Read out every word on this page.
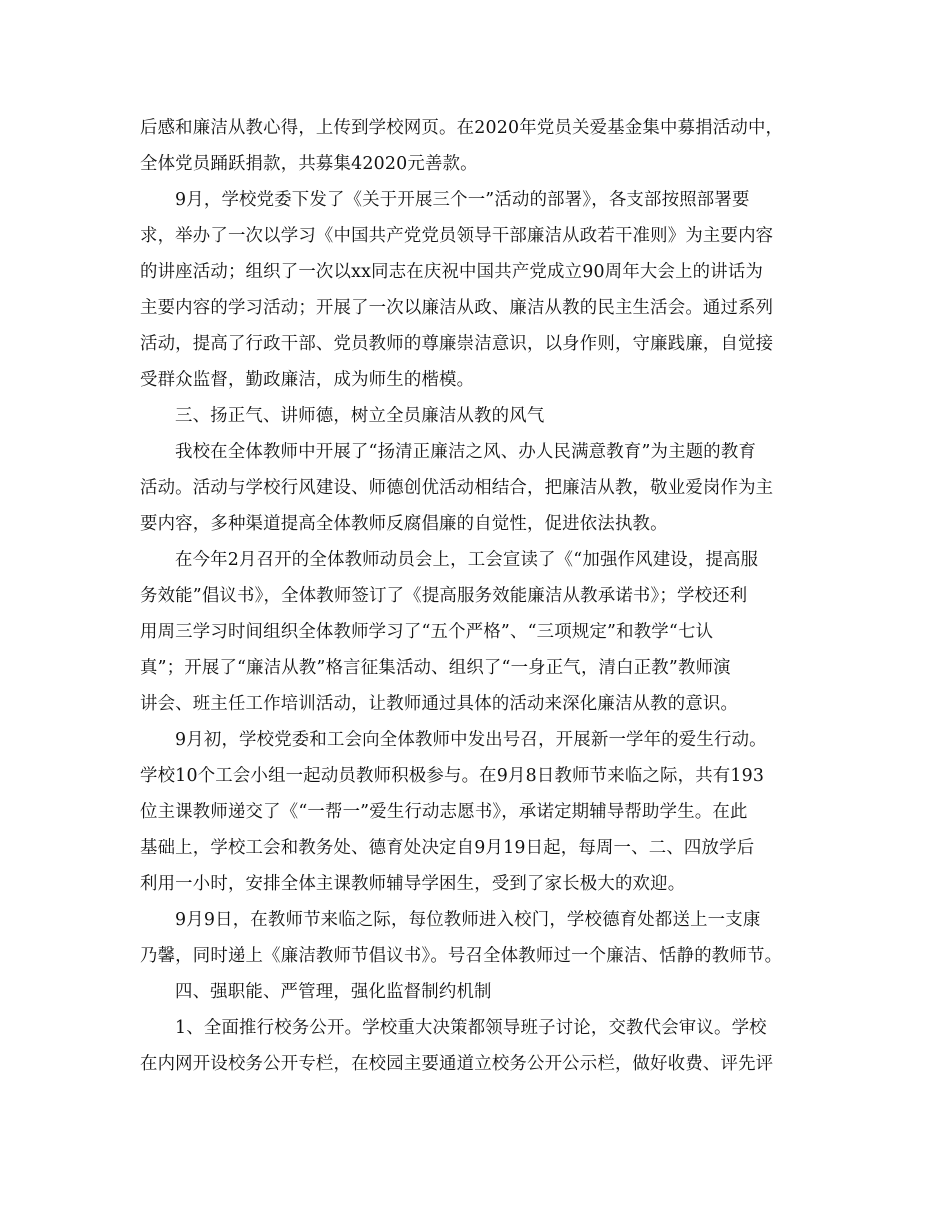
后感和廉洁从教心得，上传到学校网页。在2020年党员关爱基金集中募捐活动中，
全体党员踊跃捐款，共募集42020元善款。
9月，学校党委下发了《关于开展三个一”活动的部署》，各支部按照部署要
求，举办了一次以学习《中国共产党党员领导干部廉洁从政若干准则》为主要内容
的讲座活动；组织了一次以xx同志在庆祝中国共产党成立90周年大会上的讲话为
主要内容的学习活动；开展了一次以廉洁从政、廉洁从教的民主生活会。通过系列
活动，提高了行政干部、党员教师的尊廉崇洁意识，以身作则，守廉践廉，自觉接
受群众监督，勤政廉洁，成为师生的楷模。
三、扬正气、讲师德，树立全员廉洁从教的风气
我校在全体教师中开展了“扬清正廉洁之风、办人民满意教育”为主题的教育
活动。活动与学校行风建设、师德创优活动相结合，把廉洁从教，敬业爱岗作为主
要内容，多种渠道提高全体教师反腐倡廉的自觉性，促进依法执教。
在今年2月召开的全体教师动员会上，工会宣读了《“加强作风建设，提高服
务效能”倡议书》，全体教师签订了《提高服务效能廉洁从教承诺书》；学校还利
用周三学习时间组织全体教师学习了“五个严格”、“三项规定”和教学“七认
真”；开展了“廉洁从教”格言征集活动、组织了“一身正气，清白正教”教师演
讲会、班主任工作培训活动，让教师通过具体的活动来深化廉洁从教的意识。
9月初，学校党委和工会向全体教师中发出号召，开展新一学年的爱生行动。
学校10个工会小组一起动员教师积极参与。在9月8日教师节来临之际，共有193
位主课教师递交了《“一帮一”爱生行动志愿书》，承诺定期辅导帮助学生。在此
基础上，学校工会和教务处、德育处决定自9月19日起，每周一、二、四放学后
利用一小时，安排全体主课教师辅导学困生，受到了家长极大的欢迎。
9月9日，在教师节来临之际，每位教师进入校门，学校德育处都送上一支康
乃馨，同时递上《廉洁教师节倡议书》。号召全体教师过一个廉洁、恬静的教师节。
四、强职能、严管理，强化监督制约机制
1、全面推行校务公开。学校重大决策都领导班子讨论，交教代会审议。学校
在内网开设校务公开专栏，在校园主要通道立校务公开公示栏，做好收费、评先评
